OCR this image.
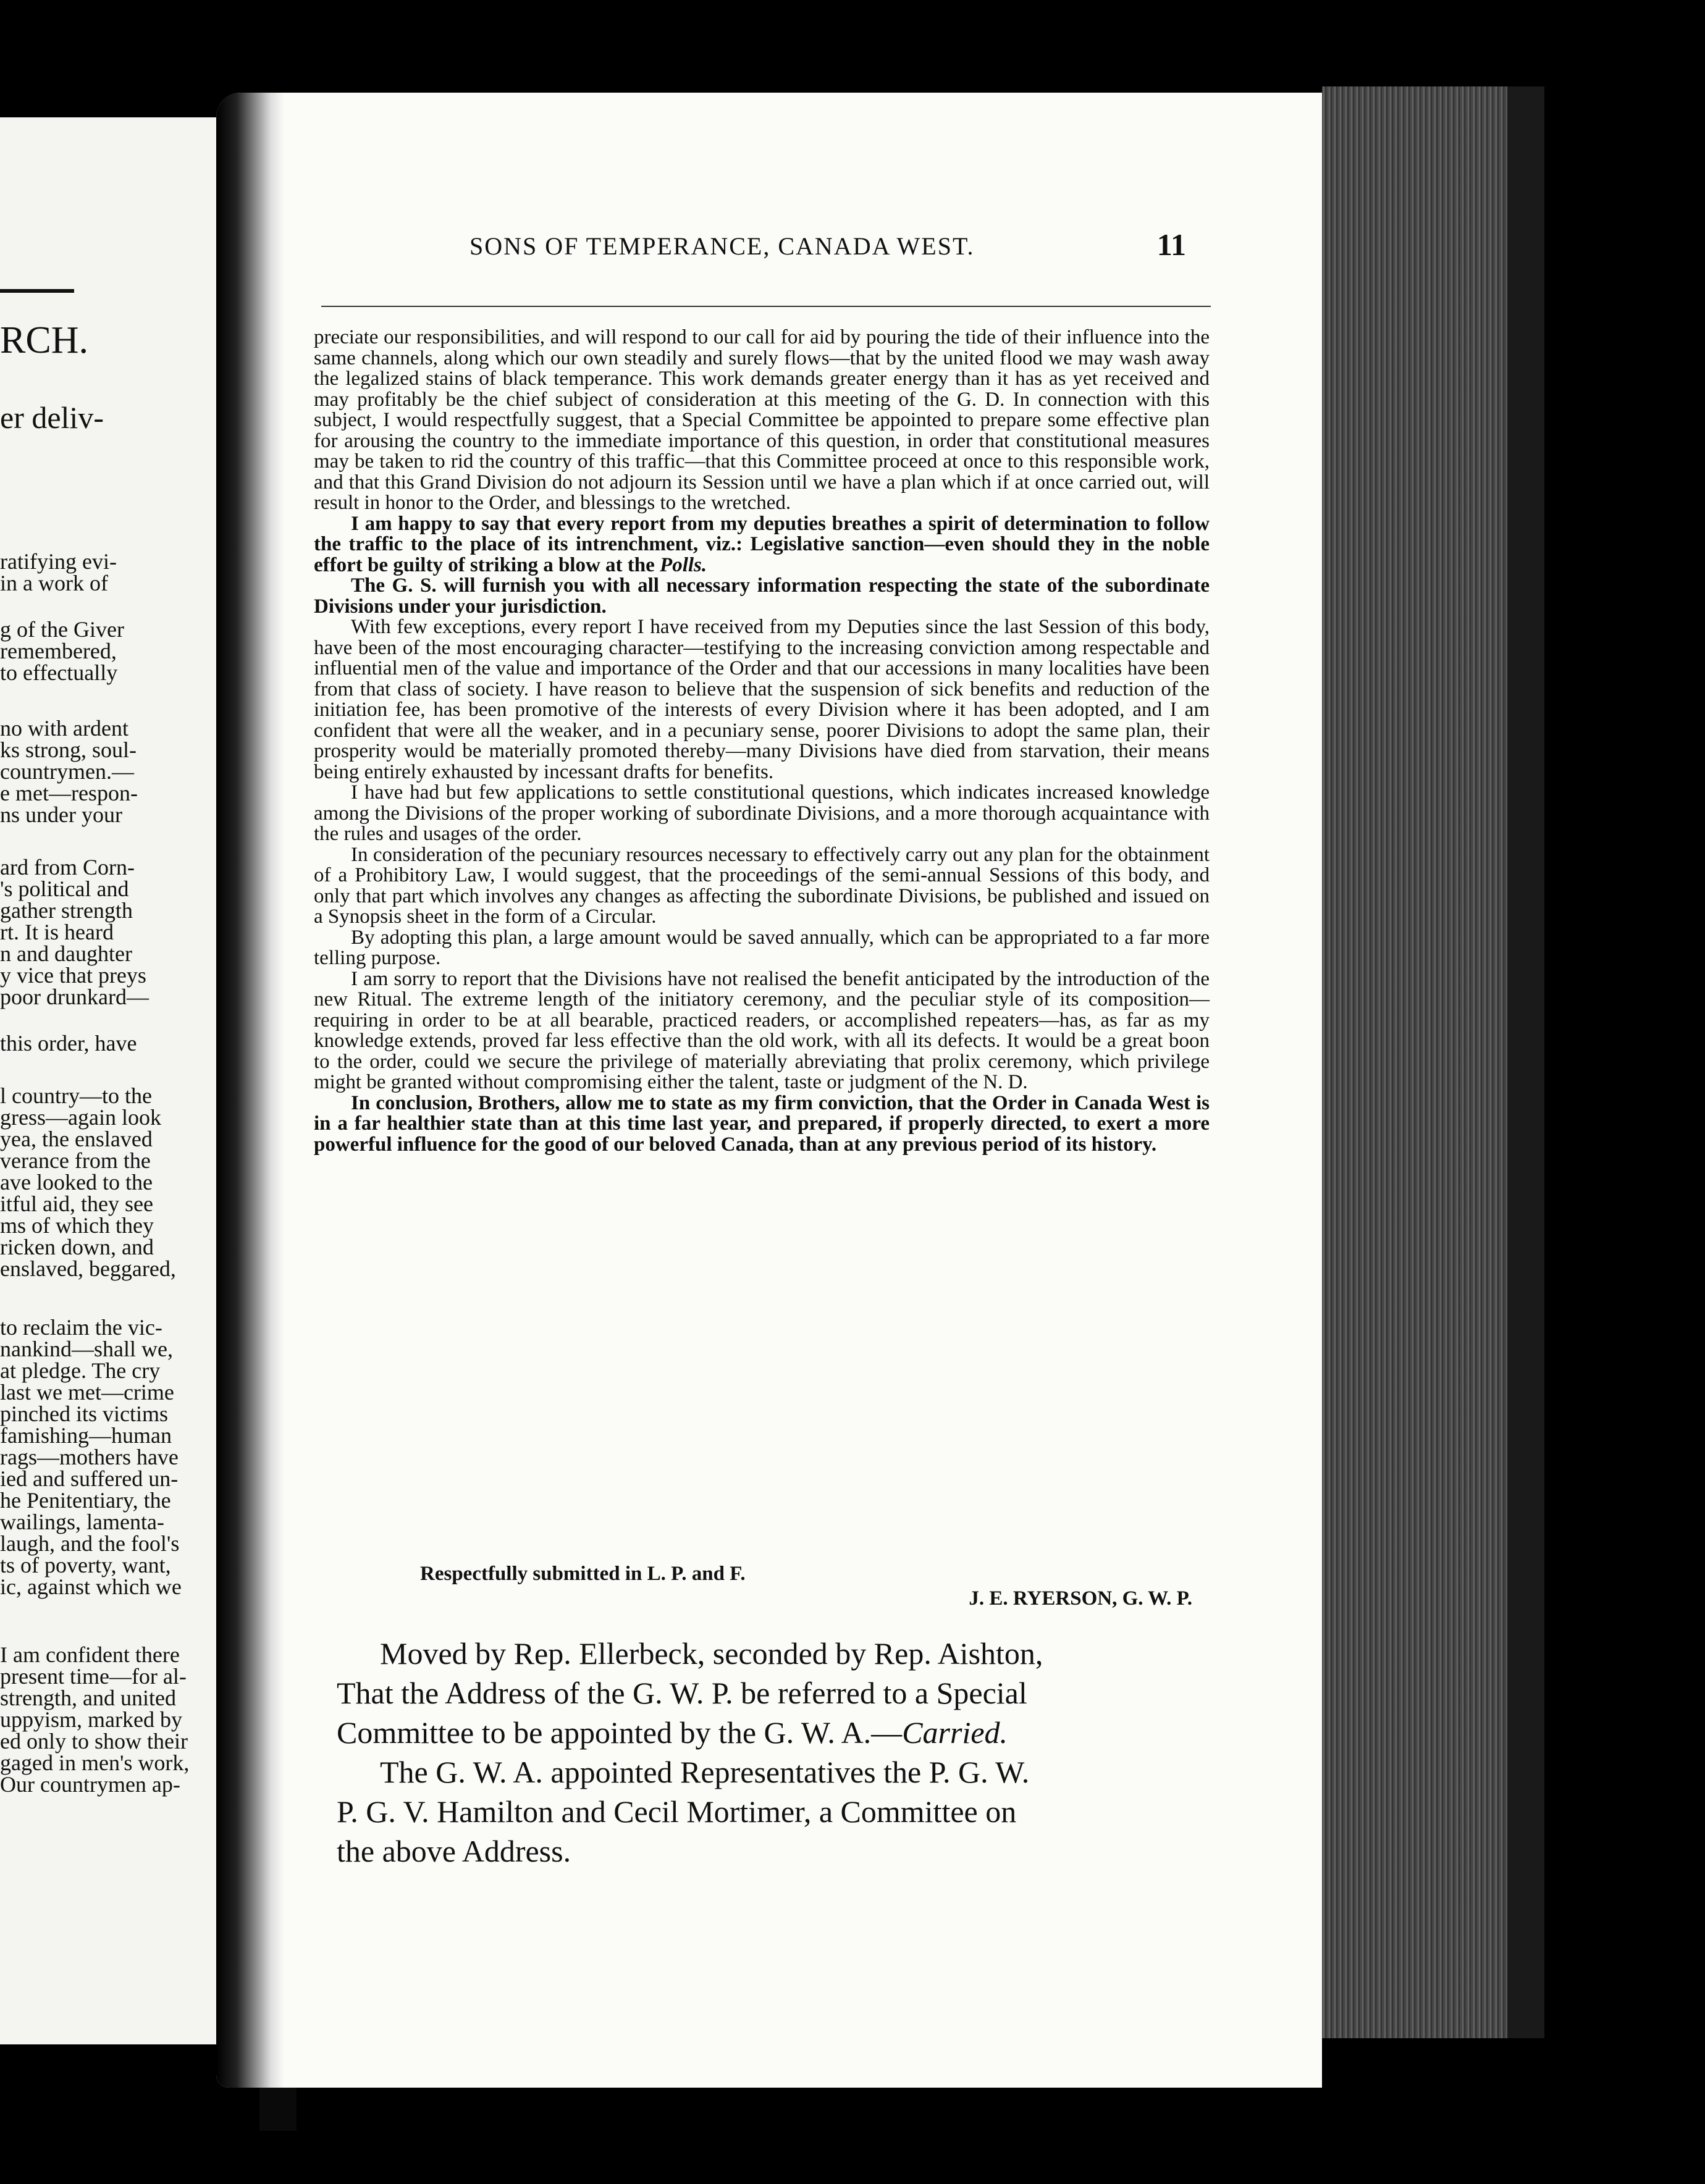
RCH.
er deliv-
ratifying evi-
in a work of
g of the Giver
remembered,
to effectually
no with ardent
ks strong, soul-
countrymen.—
e met—respon-
ns under your
ard from Corn-
's political and
gather strength
rt. It is heard
n and daughter
y vice that preys
poor drunkard—
this order, have
l country—to the
gress—again look
yea, the enslaved
verance from the
ave looked to the
itful aid, they see
ms of which they
ricken down, and
enslaved, beggared,
to reclaim the vic-
nankind—shall we,
at pledge. The cry
last we met—crime
pinched its victims
famishing—human
rags—mothers have
ied and suffered un-
he Penitentiary, the
wailings, lamenta-
laugh, and the fool's
ts of poverty, want,
ic, against which we
I am confident there
present time—for al-
strength, and united
uppyism, marked by
ed only to show their
gaged in men's work,
Our countrymen ap-
SONS OF TEMPERANCE, CANADA WEST.	11

preciate our responsibilities, and will respond to our call for aid by pouring the tide of their influence into the same channels, along which our own steadily and surely flows—that by the united flood we may wash away the legalized stains of black temperance. This work demands greater energy than it has as yet received and may profitably be the chief subject of consideration at this meeting of the G. D. In connection with this subject, I would respectfully suggest, that a Special Committee be appointed to prepare some effective plan for arousing the country to the immediate importance of this question, in order that constitutional measures may be taken to rid the country of this traffic—that this Committee proceed at once to this responsible work, and that this Grand Division do not adjourn its Session until we have a plan which if at once carried out, will result in honor to the Order, and blessings to the wretched.

I am happy to say that every report from my deputies breathes a spirit of determination to follow the traffic to the place of its intrenchment, viz.: Legislative sanction—even should they in the noble effort be guilty of striking a blow at the Polls.

The G. S. will furnish you with all necessary information respecting the state of the subordinate Divisions under your jurisdiction.

With few exceptions, every report I have received from my Deputies since the last Session of this body, have been of the most encouraging character—testifying to the increasing conviction among respectable and influential men of the value and importance of the Order and that our accessions in many localities have been from that class of society. I have reason to believe that the suspension of sick benefits and reduction of the initiation fee, has been promotive of the interests of every Division where it has been adopted, and I am confident that were all the weaker, and in a pecuniary sense, poorer Divisions to adopt the same plan, their prosperity would be materially promoted thereby—many Divisions have died from starvation, their means being entirely exhausted by incessant drafts for benefits.

I have had but few applications to settle constitutional questions, which indicates increased knowledge among the Divisions of the proper working of subordinate Divisions, and a more thorough acquaintance with the rules and usages of the order.

In consideration of the pecuniary resources necessary to effectively carry out any plan for the obtainment of a Prohibitory Law, I would suggest, that the proceedings of the semi-annual Sessions of this body, and only that part which involves any changes as affecting the subordinate Divisions, be published and issued on a Synopsis sheet in the form of a Circular.

By adopting this plan, a large amount would be saved annually, which can be appropriated to a far more telling purpose.

I am sorry to report that the Divisions have not realised the benefit anticipated by the introduction of the new Ritual. The extreme length of the initiatory ceremony, and the peculiar style of its composition—requiring in order to be at all bearable, practiced readers, or accomplished repeaters—has, as far as my knowledge extends, proved far less effective than the old work, with all its defects. It would be a great boon to the order, could we secure the privilege of materially abreviating that prolix ceremony, which privilege might be granted without compromising either the talent, taste or judgment of the N. D.

In conclusion, Brothers, allow me to state as my firm conviction, that the Order in Canada West is in a far healthier state than at this time last year, and prepared, if properly directed, to exert a more powerful influence for the good of our beloved Canada, than at any previous period of its history.

Respectfully submitted in L. P. and F.
J. E. RYERSON, G. W. P.
Moved by Rep. Ellerbeck, seconded by Rep. Aishton,
That the Address of the G. W. P. be referred to a Special
Committee to be appointed by the G. W. A.—Carried.
The G. W. A. appointed Representatives the P. G. W.
P. G. V. Hamilton and Cecil Mortimer, a Committee on
the above Address.
